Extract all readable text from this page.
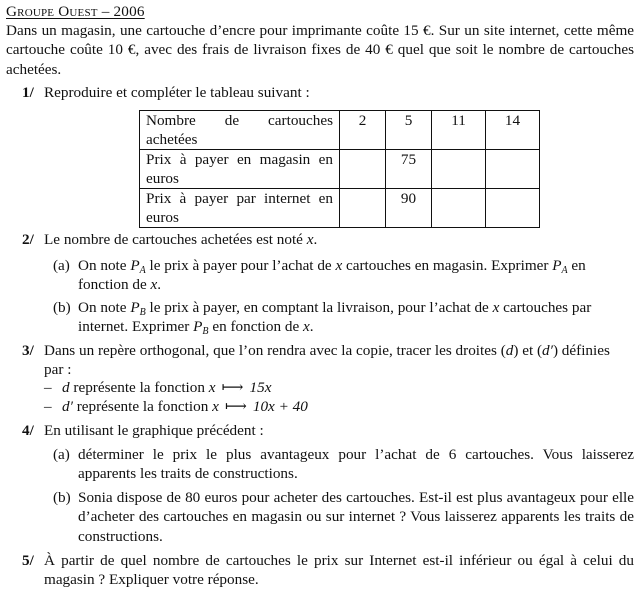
Groupe Ouest – 2006
Dans un magasin, une cartouche d’encre pour imprimante coûte 15 €. Sur un site internet, cette même cartouche coûte 10 €, avec des frais de livraison fixes de 40 € quel que soit le nombre de cartouches achetées.
1/ Reproduire et compléter le tableau suivant :
Nombre de cartouches achetées	2	5	11	14
Prix à payer en magasin en euros		75		
Prix à payer par internet en euros		90		
2/ Le nombre de cartouches achetées est noté x.
(a) On note $P_A$ le prix à payer pour l’achat de x cartouches en magasin. Exprimer $P_A$ en
fonction de x.
(b) On note $P_B$ le prix à payer, en comptant la livraison, pour l’achat de x cartouches par
internet. Exprimer $P_B$ en fonction de x.
3/ Dans un repère orthogonal, que l’on rendra avec la copie, tracer les droites (d) et (d′) définies
par :
– d représente la fonction x ⟼ 15x
– d′ représente la fonction x ⟼ 10x + 40
4/ En utilisant le graphique précédent :
(a) déterminer le prix le plus avantageux pour l’achat de 6 cartouches. Vous laisserez apparents les traits de constructions.
(b) Sonia dispose de 80 euros pour acheter des cartouches. Est-il est plus avantageux pour elle d’acheter des cartouches en magasin ou sur internet ? Vous laisserez apparents les traits de constructions.
5/ À partir de quel nombre de cartouches le prix sur Internet est-il inférieur ou égal à celui du magasin ? Expliquer votre réponse.
